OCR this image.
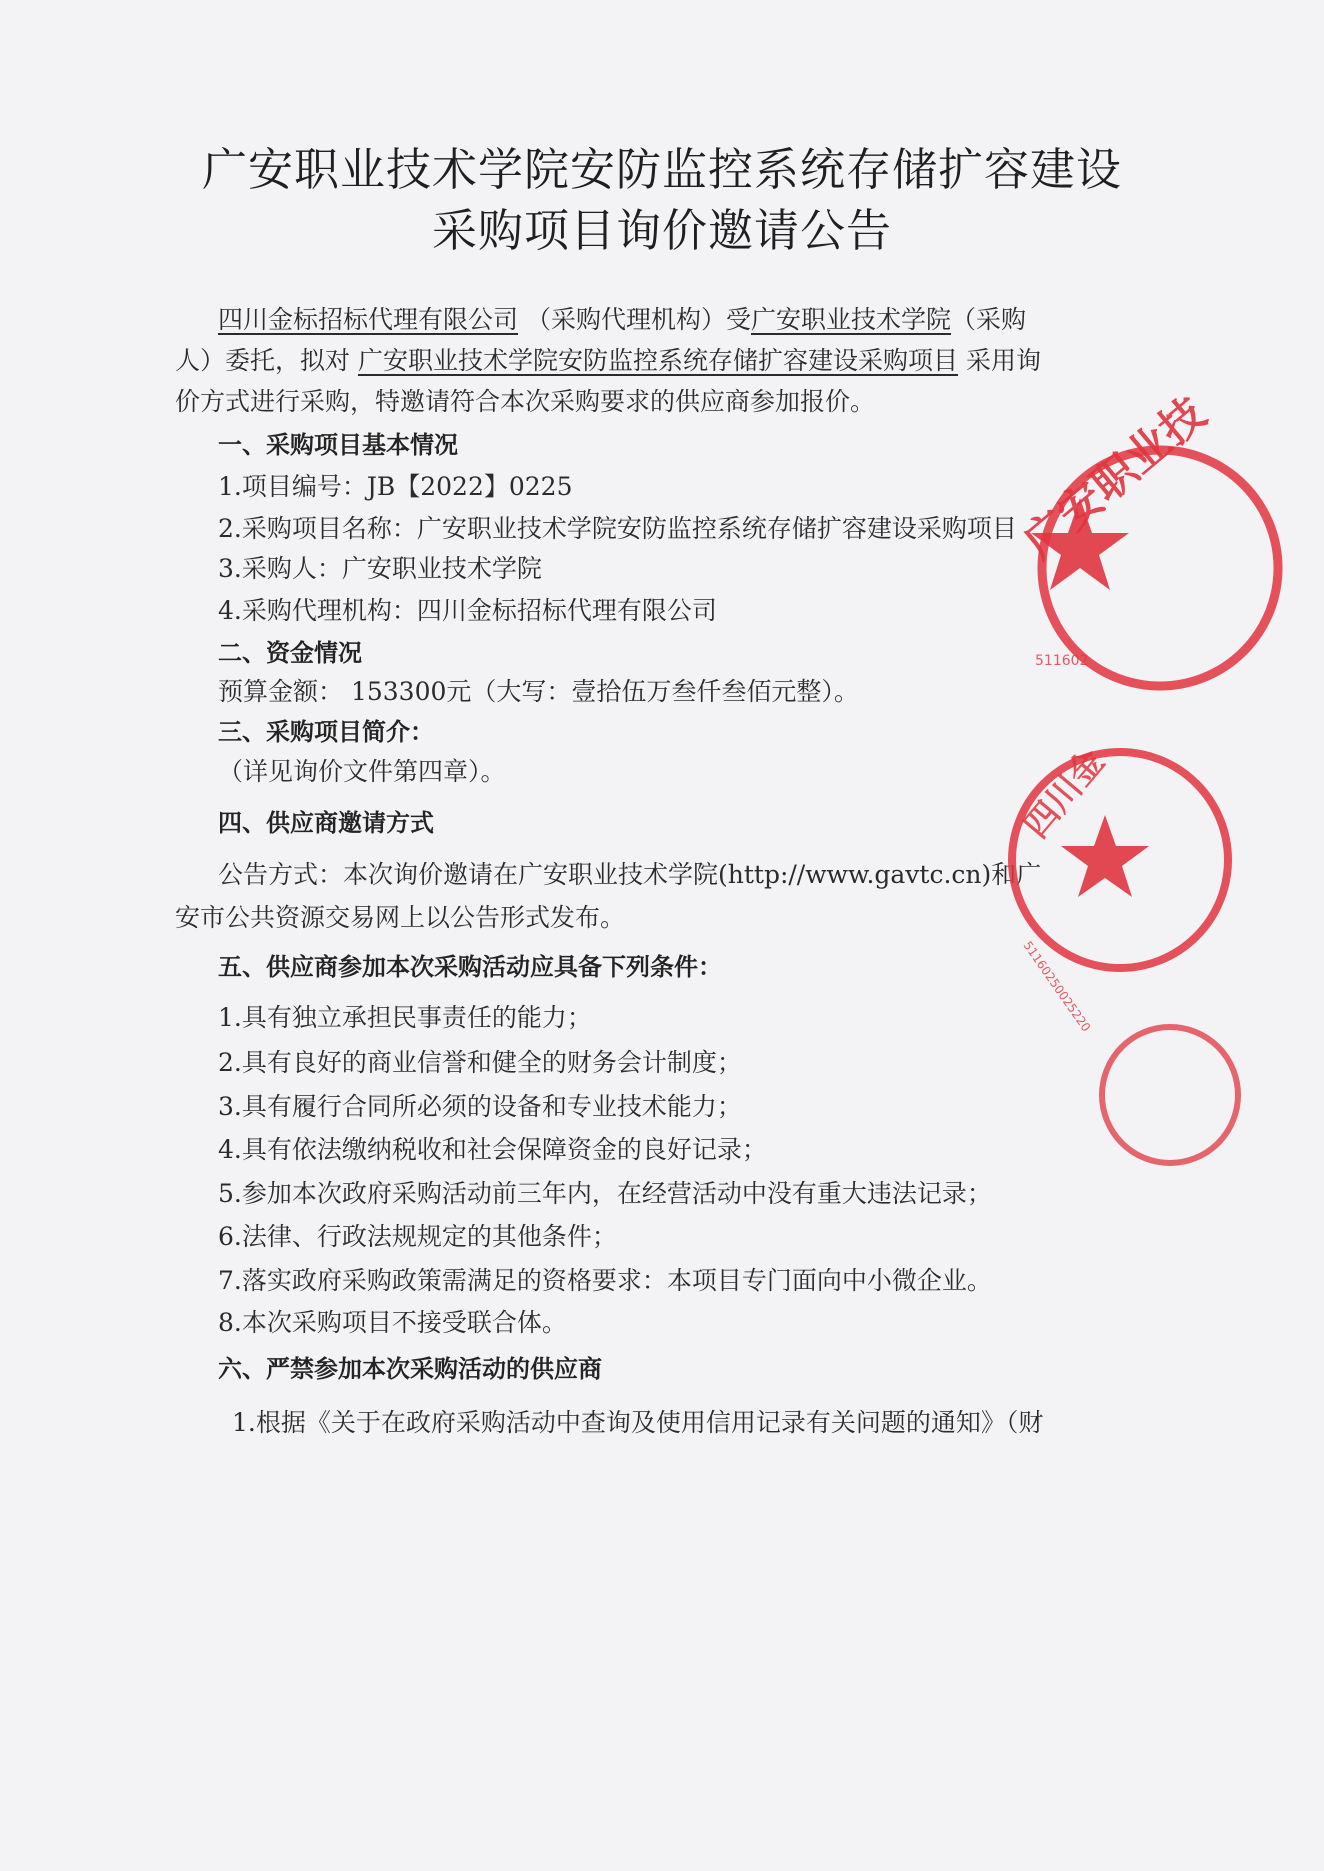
广安职业技术学院安防监控系统存储扩容建设
采购项目询价邀请公告
四川金标招标代理有限公司 （采购代理机构）受广安职业技术学院（采购
人）委托，拟对 广安职业技术学院安防监控系统存储扩容建设采购项目 采用询
价方式进行采购，特邀请符合本次采购要求的供应商参加报价。
一、采购项目基本情况
1.项目编号：JB【2022】0225
2.采购项目名称：广安职业技术学院安防监控系统存储扩容建设采购项目
3.采购人：广安职业技术学院
4.采购代理机构：四川金标招标代理有限公司
二、资金情况
预算金额： 153300元（大写：壹拾伍万叁仟叁佰元整）。
三、采购项目简介：
（详见询价文件第四章）。
四、供应商邀请方式
公告方式：本次询价邀请在广安职业技术学院(http://www.gavtc.cn)和广
安市公共资源交易网上以公告形式发布。
五、供应商参加本次采购活动应具备下列条件：
1.具有独立承担民事责任的能力；
2.具有良好的商业信誉和健全的财务会计制度；
3.具有履行合同所必须的设备和专业技术能力；
4.具有依法缴纳税收和社会保障资金的良好记录；
5.参加本次政府采购活动前三年内，在经营活动中没有重大违法记录；
6.法律、行政法规规定的其他条件；
7.落实政府采购政策需满足的资格要求：本项目专门面向中小微企业。
8.本次采购项目不接受联合体。
六、严禁参加本次采购活动的供应商
1.根据《关于在政府采购活动中查询及使用信用记录有关问题的通知》（财
广安职业技
511602
四川金
51160250025220
